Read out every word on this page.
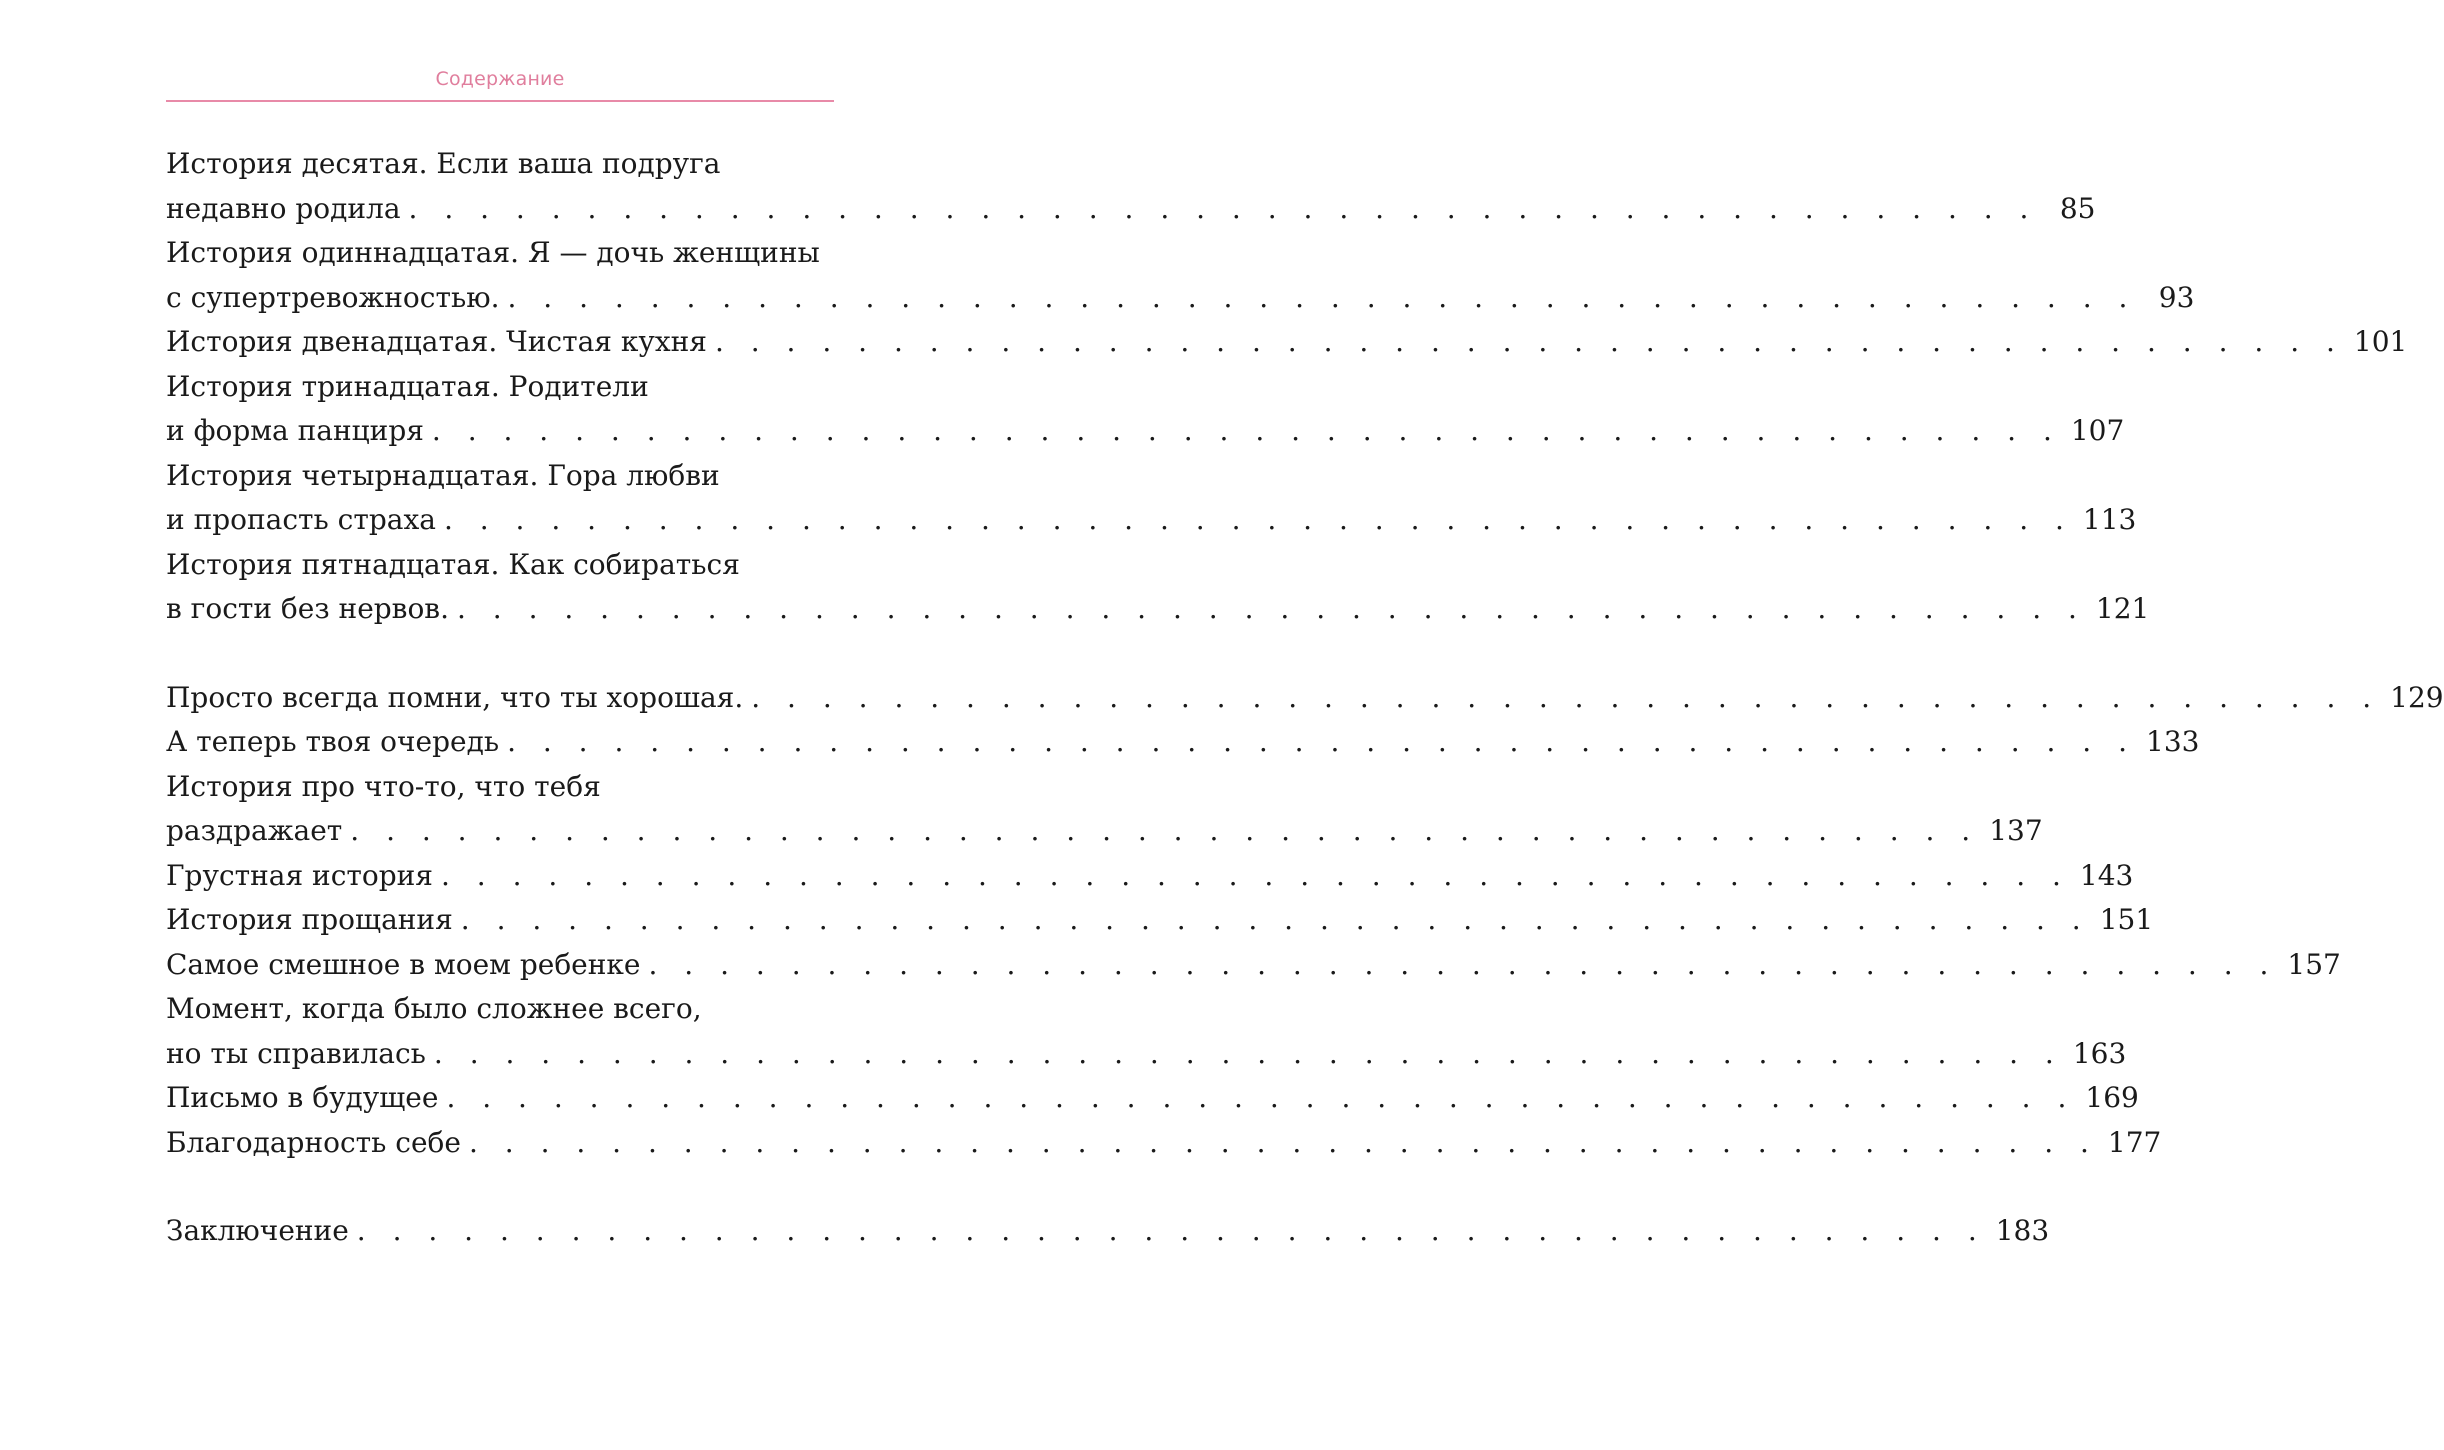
Содержание
История десятая. Если ваша подруга
недавно родила . . . . . . . . . . . . . . . . . . . . . . . . . . . . . . . . . . . . . . . . . . . . . . 85
История одиннадцатая. Я — дочь женщины
с супертревожностью. . . . . . . . . . . . . . . . . . . . . . . . . . . . . . . . . . . . . . . . . . . . . . . 93
История двенадцатая. Чистая кухня . . . . . . . . . . . . . . . . . . . . . . . . . . . . . . . . . . . . . . . . . . . . . . 101
История тринадцатая. Родители
и форма панциря . . . . . . . . . . . . . . . . . . . . . . . . . . . . . . . . . . . . . . . . . . . . . . 107
История четырнадцатая. Гора любви
и пропасть страха . . . . . . . . . . . . . . . . . . . . . . . . . . . . . . . . . . . . . . . . . . . . . . 113
История пятнадцатая. Как собираться
в гости без нервов. . . . . . . . . . . . . . . . . . . . . . . . . . . . . . . . . . . . . . . . . . . . . . . 121
Просто всегда помни, что ты хорошая. . . . . . . . . . . . . . . . . . . . . . . . . . . . . . . . . . . . . . . . . . . . . . . 129
А теперь твоя очередь . . . . . . . . . . . . . . . . . . . . . . . . . . . . . . . . . . . . . . . . . . . . . . 133
История про что-то, что тебя
раздражает . . . . . . . . . . . . . . . . . . . . . . . . . . . . . . . . . . . . . . . . . . . . . . 137
Грустная история . . . . . . . . . . . . . . . . . . . . . . . . . . . . . . . . . . . . . . . . . . . . . . 143
История прощания . . . . . . . . . . . . . . . . . . . . . . . . . . . . . . . . . . . . . . . . . . . . . . 151
Самое смешное в моем ребенке . . . . . . . . . . . . . . . . . . . . . . . . . . . . . . . . . . . . . . . . . . . . . . 157
Момент, когда было сложнее всего,
но ты справилась . . . . . . . . . . . . . . . . . . . . . . . . . . . . . . . . . . . . . . . . . . . . . . 163
Письмо в будущее . . . . . . . . . . . . . . . . . . . . . . . . . . . . . . . . . . . . . . . . . . . . . . 169
Благодарность себе . . . . . . . . . . . . . . . . . . . . . . . . . . . . . . . . . . . . . . . . . . . . . . 177
Заключение . . . . . . . . . . . . . . . . . . . . . . . . . . . . . . . . . . . . . . . . . . . . . . 183
